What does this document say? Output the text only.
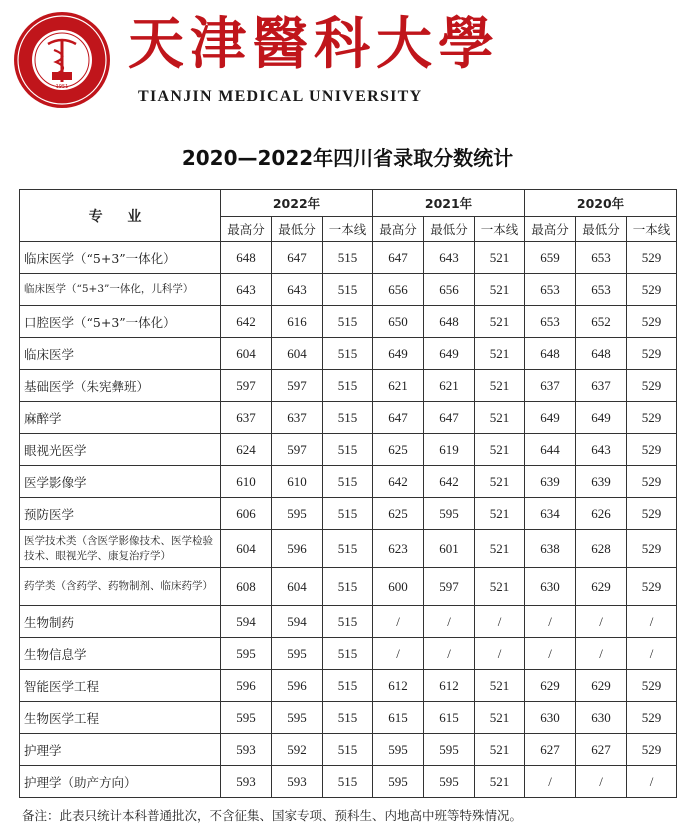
1951
天津醫科大學
TIANJIN MEDICAL UNIVERSITY
2020—2022年四川省录取分数统计
专 业	2022年			2021年			2020年		
	最高分	最低分	一本线	最高分	最低分	一本线	最高分	最低分	一本线
临床医学（“5+3”一体化）	648	647	515	647	643	521	659	653	529
临床医学（“5+3”一体化，儿科学）	643	643	515	656	656	521	653	653	529
口腔医学（“5+3”一体化）	642	616	515	650	648	521	653	652	529
临床医学	604	604	515	649	649	521	648	648	529
基础医学（朱宪彝班）	597	597	515	621	621	521	637	637	529
麻醉学	637	637	515	647	647	521	649	649	529
眼视光医学	624	597	515	625	619	521	644	643	529
医学影像学	610	610	515	642	642	521	639	639	529
预防医学	606	595	515	625	595	521	634	626	529
医学技术类（含医学影像技术、医学检验技术、眼视光学、康复治疗学）	604	596	515	623	601	521	638	628	529
药学类（含药学、药物制剂、临床药学）	608	604	515	600	597	521	630	629	529
生物制药	594	594	515	/	/	/	/	/	/
生物信息学	595	595	515	/	/	/	/	/	/
智能医学工程	596	596	515	612	612	521	629	629	529
生物医学工程	595	595	515	615	615	521	630	630	529
护理学	593	592	515	595	595	521	627	627	529
护理学（助产方向）	593	593	515	595	595	521	/	/	/
备注：此表只统计本科普通批次，不含征集、国家专项、预科生、内地高中班等特殊情况。
